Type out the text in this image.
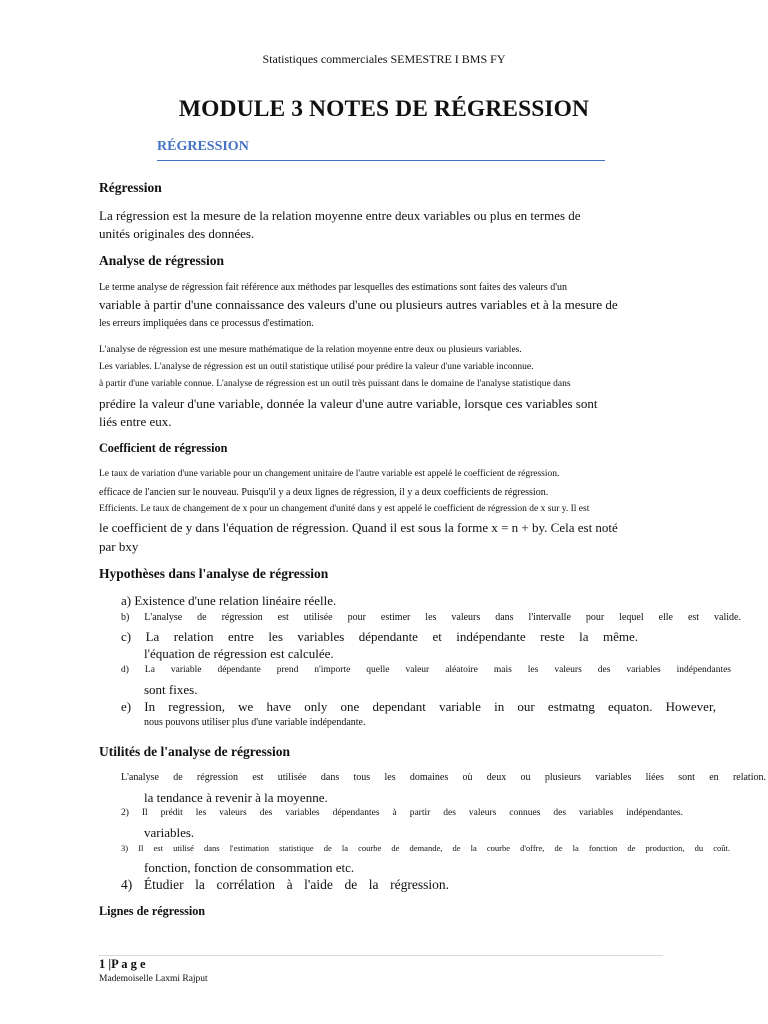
Statistiques commerciales SEMESTRE I BMS FY
MODULE 3 NOTES DE RÉGRESSION
RÉGRESSION
Régression
La régression est la mesure de la relation moyenne entre deux variables ou plus en termes de
unités originales des données.
Analyse de régression
Le terme analyse de régression fait référence aux méthodes par lesquelles des estimations sont faites des valeurs d'un
variable à partir d'une connaissance des valeurs d'une ou plusieurs autres variables et à la mesure de
les erreurs impliquées dans ce processus d'estimation.
L'analyse de régression est une mesure mathématique de la relation moyenne entre deux ou plusieurs variables.
Les variables. L'analyse de régression est un outil statistique utilisé pour prédire la valeur d'une variable inconnue.
à partir d'une variable connue. L'analyse de régression est un outil très puissant dans le domaine de l'analyse statistique dans
prédire la valeur d'une variable, donnée la valeur d'une autre variable, lorsque ces variables sont
liés entre eux.
Coefficient de régression
Le taux de variation d'une variable pour un changement unitaire de l'autre variable est appelé le coefficient de régression.
efficace de l'ancien sur le nouveau. Puisqu'il y a deux lignes de régression, il y a deux coefficients de régression.
Efficients. Le taux de changement de x pour un changement d'unité dans y est appelé le coefficient de régression de x sur y. Il est
le coefficient de y dans l'équation de régression. Quand il est sous la forme x = n + by. Cela est noté
par bxy
Hypothèses dans l'analyse de régression
a) Existence d'une relation linéaire réelle.
b) L'analyse de régression est utilisée pour estimer les valeurs dans l'intervalle pour lequel elle est valide.
c) La relation entre les variables dépendante et indépendante reste la même.
l'équation de régression est calculée.
d) La variable dépendante prend n'importe quelle valeur aléatoire mais les valeurs des variables indépendantes
sont fixes.
e) In regression, we have only one dependant variable in our estmatng equaton. However,
nous pouvons utiliser plus d'une variable indépendante.
Utilités de l'analyse de régression
L'analyse de régression est utilisée dans tous les domaines où deux ou plusieurs variables liées sont en relation.
la tendance à revenir à la moyenne.
2) Il prédit les valeurs des variables dépendantes à partir des valeurs connues des variables indépendantes.
variables.
3) Il est utilisé dans l'estimation statistique de la courbe de demande, de la courbe d'offre, de la fonction de production, du coût.
fonction, fonction de consommation etc.
4) Étudier la corrélation à l'aide de la régression.
Lignes de régression
1 |P a g e
Mademoiselle Laxmi Rajput
